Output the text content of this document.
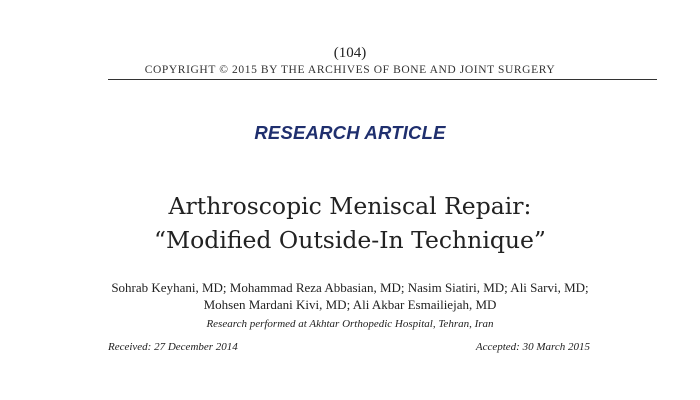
(104)
COPYRIGHT © 2015 BY THE ARCHIVES OF BONE AND JOINT SURGERY
RESEARCH ARTICLE
Arthroscopic Meniscal Repair:
“Modified Outside-In Technique”
Sohrab Keyhani, MD; Mohammad Reza Abbasian, MD; Nasim Siatiri, MD; Ali Sarvi, MD;
Mohsen Mardani Kivi, MD; Ali Akbar Esmailiejah, MD
Research performed at Akhtar Orthopedic Hospital, Tehran, Iran
Received: 27 December 2014	Accepted: 30 March 2015
